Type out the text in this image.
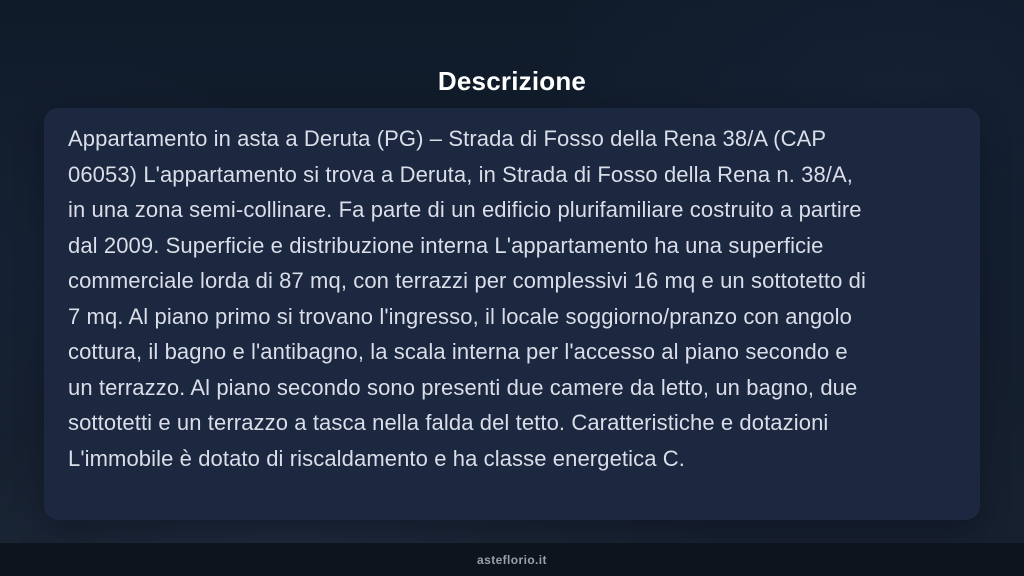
Descrizione
Appartamento in asta a Deruta (PG) – Strada di Fosso della Rena 38/A (CAP
06053) L'appartamento si trova a Deruta, in Strada di Fosso della Rena n. 38/A,
in una zona semi-collinare. Fa parte di un edificio plurifamiliare costruito a partire
dal 2009. Superficie e distribuzione interna L'appartamento ha una superficie
commerciale lorda di 87 mq, con terrazzi per complessivi 16 mq e un sottotetto di
7 mq. Al piano primo si trovano l'ingresso, il locale soggiorno/pranzo con angolo
cottura, il bagno e l'antibagno, la scala interna per l'accesso al piano secondo e
un terrazzo. Al piano secondo sono presenti due camere da letto, un bagno, due
sottotetti e un terrazzo a tasca nella falda del tetto. Caratteristiche e dotazioni
L'immobile è dotato di riscaldamento e ha classe energetica C.
asteflorio.it
